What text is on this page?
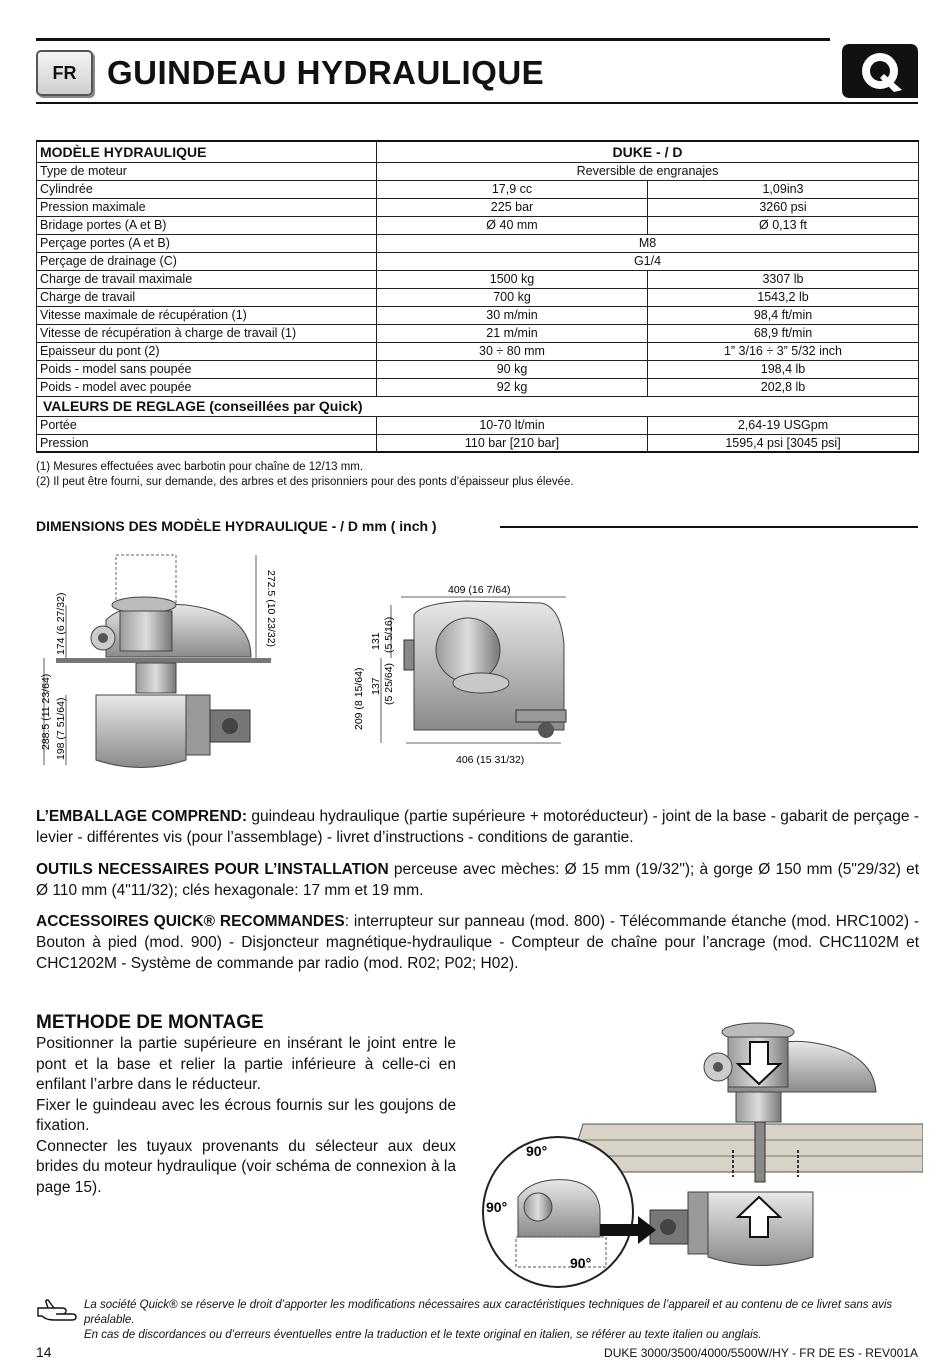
FR GUINDEAU HYDRAULIQUE
MODÈLE HYDRAULIQUE	DUKE - / D	
Type de moteur	Reversible de engranajes	
Cylindrée	17,9 cc	1,09in3
Pression maximale	225 bar	3260 psi
Bridage portes (A et B)	Ø 40 mm	Ø 0,13 ft
Perçage portes (A et B)	M8	
Perçage de drainage (C)	G1/4	
Charge de travail maximale	1500 kg	3307 lb
Charge de travail	700 kg	1543,2 lb
Vitesse maximale de récupération (1)	30 m/min	98,4 ft/min
Vitesse de récupération à charge de travail (1)	21 m/min	68,9 ft/min
Epaisseur du pont (2)	30 ÷ 80 mm	1” 3/16 ÷ 3” 5/32 inch
Poids - model sans poupée	90 kg	198,4 lb
Poids - model avec poupée	92 kg	202,8 lb
VALEURS DE REGLAGE (conseillées par Quick)		
Portée	10-70 lt/min	2,64-19 USGpm
Pression	110 bar [210 bar]	1595,4 psi [3045 psi]
(1) Mesures effectuées avec barbotin pour chaîne de 12/13 mm.
(2) Il peut être fourni, sur demande, des arbres et des prisonniers pour des ponts d’épaisseur plus élevée.
DIMENSIONS DES MODÈLE HYDRAULIQUE - / D mm ( inch )
272.5 (10 23/32)
174 (6 27/32)
288.5 (11 23/64) 198 (7 51/64)
409 (16 7/64)
131 (5 5/16)
137 (5 25/64)
209 (8 15/64)
406 (15 31/32)
L’EMBALLAGE COMPREND: guindeau hydraulique (partie supérieure + motoréducteur) - joint de la base - gabarit de perçage - levier - différentes vis (pour l’assemblage) - livret d’instructions - conditions de garantie.
OUTILS NECESSAIRES POUR L’INSTALLATION perceuse avec mèches: Ø 15 mm (19/32"); à gorge Ø 150 mm (5"29/32) et Ø 110 mm (4"11/32); clés hexagonale: 17 mm et 19 mm.
ACCESSOIRES QUICK® RECOMMANDES: interrupteur sur panneau (mod. 800) - Télécommande étanche (mod. HRC1002) - Bouton à pied (mod. 900) - Disjoncteur magnétique-hydraulique - Compteur de chaîne pour l’ancrage (mod. CHC1102M et CHC1202M - Système de commande par radio (mod. R02; P02; H02).
METHODE DE MONTAGE
Positionner la partie supérieure en insérant le joint entre le pont et la base et relier la partie inférieure à celle-ci en enfilant l’arbre dans le réducteur.
Fixer le guindeau avec les écrous fournis sur les goujons de fixation.
Connecter les tuyaux provenants du sélecteur aux deux brides du moteur hydraulique (voir schéma de connexion à la page 15).
90°
90°
90°
La société Quick® se réserve le droit d’apporter les modifications nécessaires aux caractéristiques techniques de l’appareil et au contenu de ce livret sans avis préalable.
En cas de discordances ou d’erreurs éventuelles entre la traduction et le texte original en italien, se référer au texte italien ou anglais.
14	DUKE 3000/3500/4000/5500W/HY - FR DE ES - REV001A
